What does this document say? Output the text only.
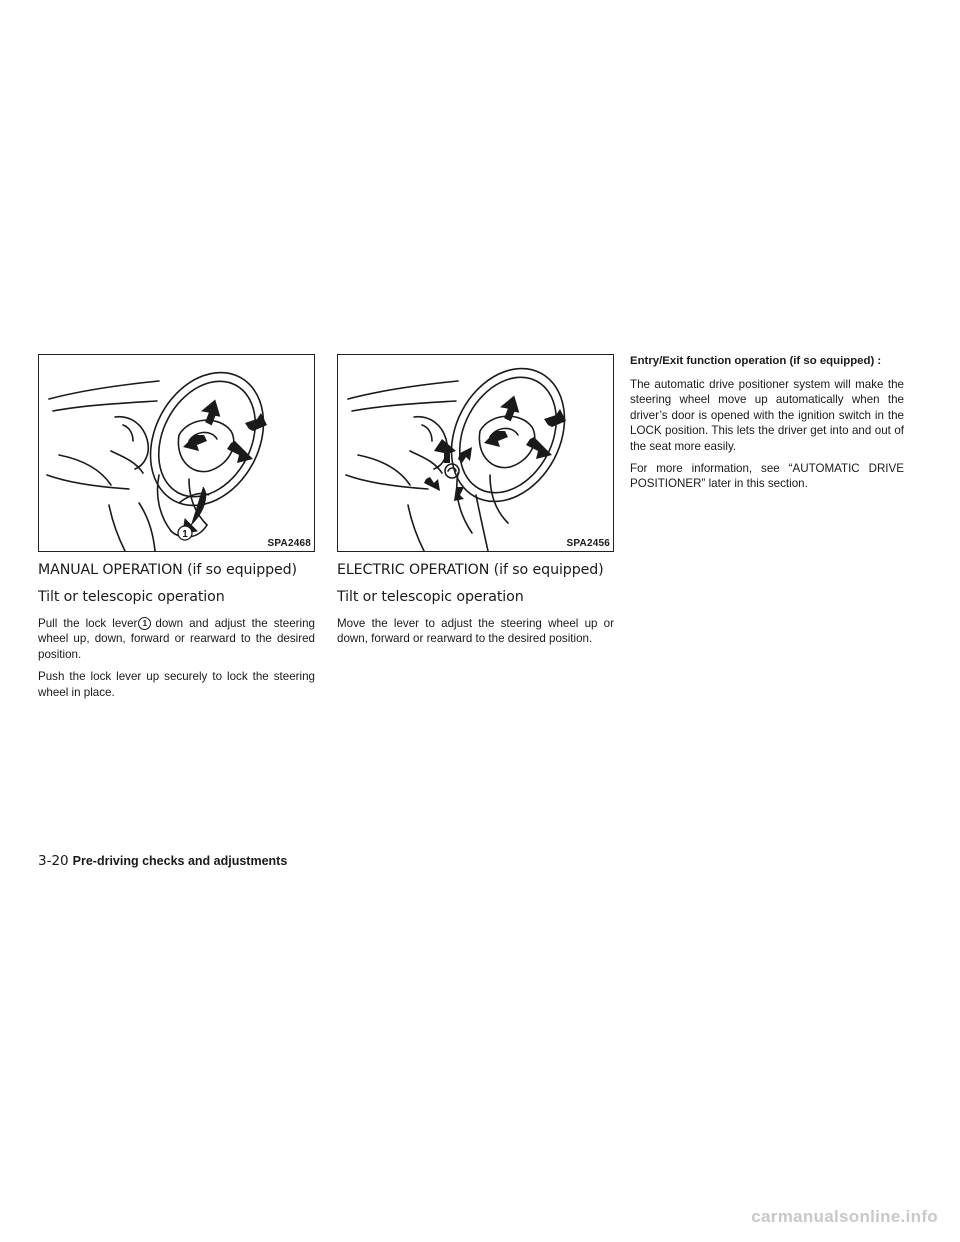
1
SPA2468
MANUAL OPERATION (if so equipped)
Tilt or telescopic operation

Pull the lock lever 1 down and adjust the steering wheel up, down, forward or rearward to the desired position.

Push the lock lever up securely to lock the steering wheel in place.

SPA2456
ELECTRIC OPERATION (if so equipped)
Tilt or telescopic operation

Move the lever to adjust the steering wheel up or down, forward or rearward to the desired position.

Entry/Exit function operation (if so equipped) :

The automatic drive positioner system will make the steering wheel move up automatically when the driver’s door is opened with the ignition switch in the LOCK position. This lets the driver get into and out of the seat more easily.

For more information, see “AUTOMATIC DRIVE POSITIONER” later in this section.

3-20 Pre-driving checks and adjustments
carmanualsonline.info
